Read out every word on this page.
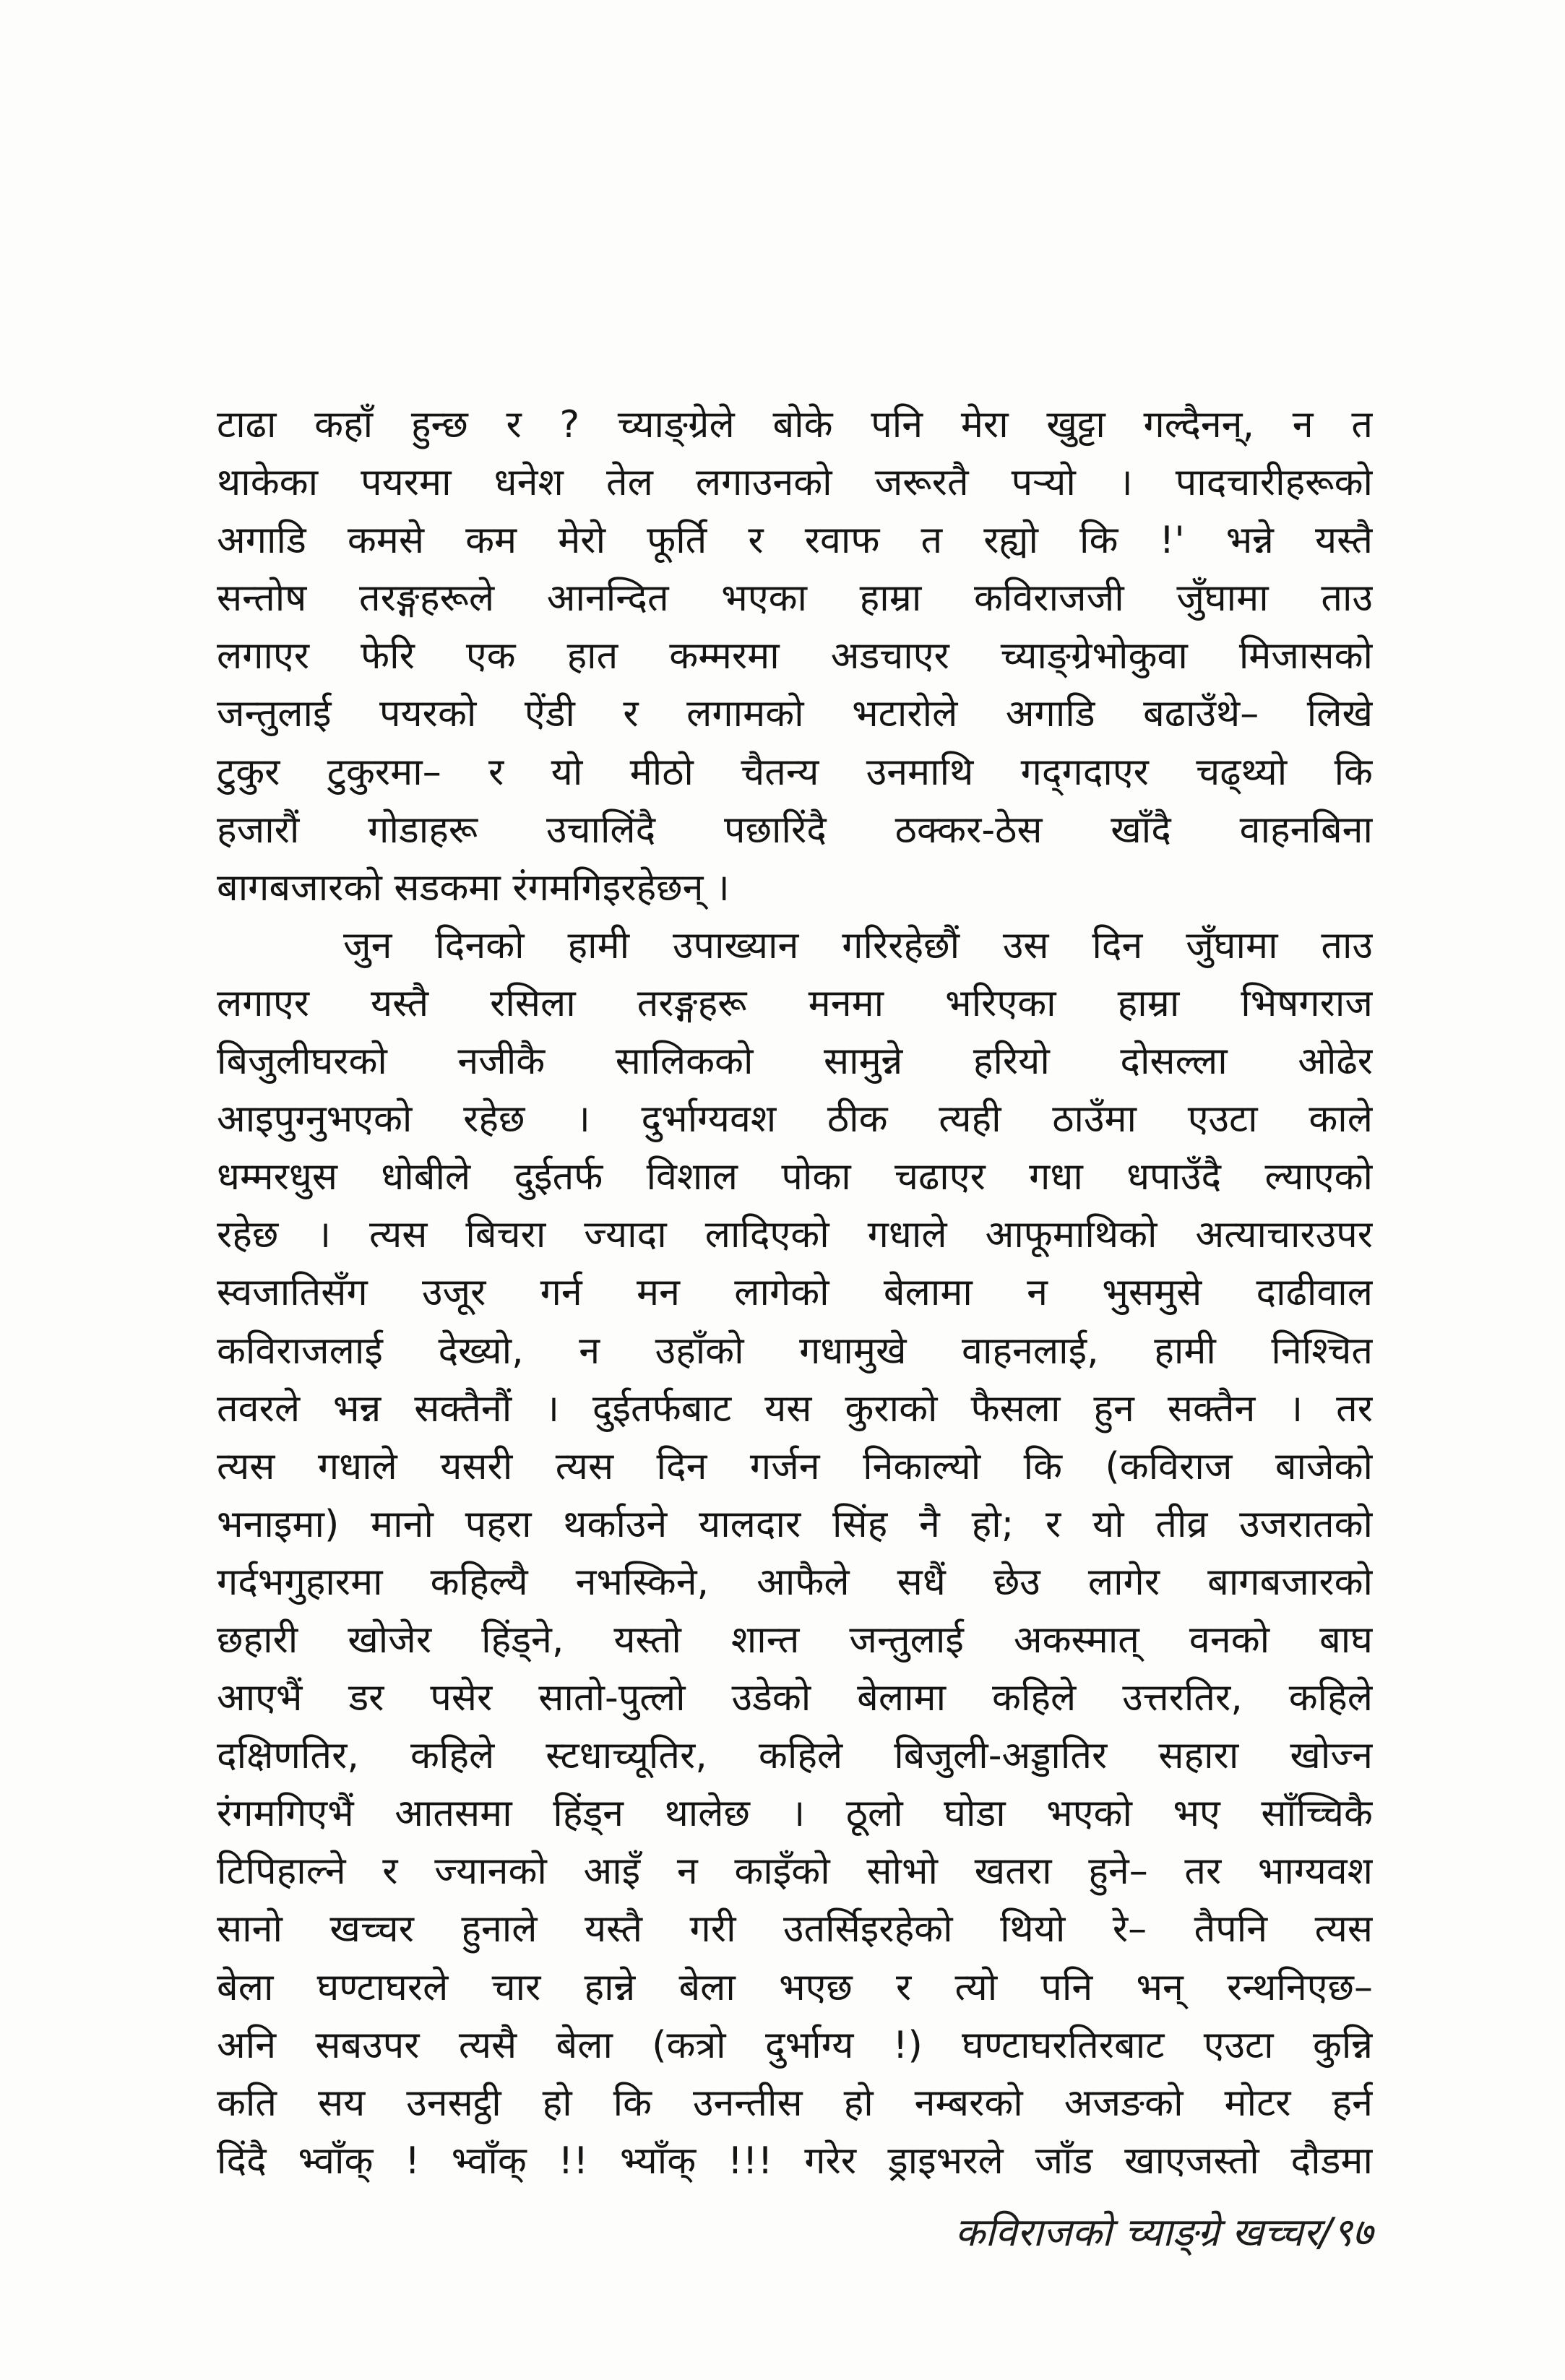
टाढा कहाँ हुन्छ र ? च्याङ्ग्रेले बोके पनि मेरा खुट्टा गल्दैनन्, न त
थाकेका पयरमा धनेश तेल लगाउनको जरूरतै पऱ्यो । पादचारीहरूको
अगाडि कमसे कम मेरो फूर्ति र रवाफ त रह्यो कि !' भन्ने यस्तै
सन्तोष तरङ्गहरूले आनन्दित भएका हाम्रा कविराजजी जुँघामा ताउ
लगाएर फेरि एक हात कम्मरमा अडचाएर च्याङ्ग्रेभोकुवा मिजासको
जन्तुलाई पयरको ऐंडी र लगामको भटारोले अगाडि बढाउँथे– लिखे
टुकुर टुकुरमा– र यो मीठो चैतन्य उनमाथि गद्‌गदाएर चढ्थ्यो कि
हजारौं गोडाहरू उचालिंदै पछारिंदै ठक्कर-ठेस खाँदै वाहनबिना
बागबजारको सडकमा रंगमगिइरहेछन् ।
जुन दिनको हामी उपाख्यान गरिरहेछौं उस दिन जुँघामा ताउ
लगाएर यस्तै रसिला तरङ्गहरू मनमा भरिएका हाम्रा भिषगराज
बिजुलीघरको नजीकै सालिकको सामुन्ने हरियो दोसल्ला ओढेर
आइपुग्नुभएको रहेछ । दुर्भाग्यवश ठीक त्यही ठाउँमा एउटा काले
धम्मरधुस धोबीले दुईतर्फ विशाल पोका चढाएर गधा धपाउँदै ल्याएको
रहेछ । त्यस बिचरा ज्यादा लादिएको गधाले आफूमाथिको अत्याचारउपर
स्वजातिसँग उजूर गर्न मन लागेको बेलामा न भुसमुसे दाढीवाल
कविराजलाई देख्यो, न उहाँको गधामुखे वाहनलाई, हामी निश्चित
तवरले भन्न सक्तैनौं । दुईतर्फबाट यस कुराको फैसला हुन सक्तैन । तर
त्यस गधाले यसरी त्यस दिन गर्जन निकाल्यो कि (कविराज बाजेको
भनाइमा) मानो पहरा थर्काउने यालदार सिंह नै हो; र यो तीव्र उजरातको
गर्दभगुहारमा कहिल्यै नभस्किने, आफैले सधैं छेउ लागेर बागबजारको
छहारी खोजेर हिंड्ने, यस्तो शान्त जन्तुलाई अकस्मात् वनको बाघ
आएभैं डर पसेर सातो-पुत्लो उडेको बेलामा कहिले उत्तरतिर, कहिले
दक्षिणतिर, कहिले स्टधाच्यूतिर, कहिले बिजुली-अड्डातिर सहारा खोज्न
रंगमगिएभैं आतसमा हिंड्न थालेछ । ठूलो घोडा भएको भए साँच्चिकै
टिपिहाल्ने र ज्यानको आइँ न काइँको सोभो खतरा हुने– तर भाग्यवश
सानो खच्चर हुनाले यस्तै गरी उतर्सिइरहेको थियो रे– तैपनि त्यस
बेला घण्टाघरले चार हान्ने बेला भएछ र त्यो पनि भन् रन्थनिएछ–
अनि सबउपर त्यसै बेला (कत्रो दुर्भाग्य !) घण्टाघरतिरबाट एउटा कुन्नि
कति सय उनसट्ठी हो कि उनन्तीस हो नम्बरको अजङको मोटर हर्न
दिंदै भ्वाँक् ! भ्वाँक् !! भ्याँक् !!! गरेर ड्राइभरले जाँड खाएजस्तो दौडमा
कविराजको च्याङ्ग्रे खच्चर/९७
